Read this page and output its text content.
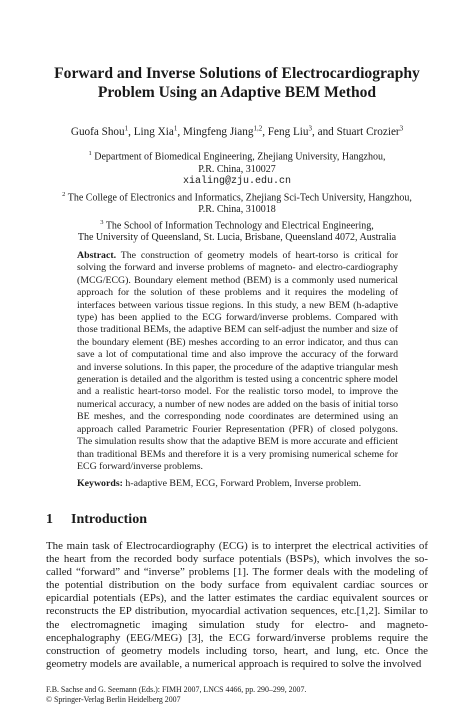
Forward and Inverse Solutions of Electrocardiography
Problem Using an Adaptive BEM Method
Guofa Shou$^1$, Ling Xia$^1$, Mingfeng Jiang$^{1,2}$, Feng Liu$^3$, and Stuart Crozier$^3$
$^1$ Department of Biomedical Engineering, Zhejiang University, Hangzhou,
P.R. China, 310027
xialing@zju.edu.cn
$^2$ The College of Electronics and Informatics, Zhejiang Sci-Tech University, Hangzhou,
P.R. China, 310018
$^3$ The School of Information Technology and Electrical Engineering,
The University of Queensland, St. Lucia, Brisbane, Queensland 4072, Australia
Abstract. The construction of geometry models of heart-torso is critical for solving the forward and inverse problems of magneto- and electro-cardiography (MCG/ECG). Boundary element method (BEM) is a commonly used numerical approach for the solution of these problems and it requires the modeling of interfaces between various tissue regions. In this study, a new BEM (h-adaptive type) has been applied to the ECG forward/inverse problems. Compared with those traditional BEMs, the adaptive BEM can self-adjust the number and size of the boundary element (BE) meshes according to an error indicator, and thus can save a lot of computational time and also improve the accuracy of the forward and inverse solutions. In this paper, the procedure of the adaptive triangular mesh generation is detailed and the algorithm is tested using a concentric sphere model and a realistic heart-torso model. For the realistic torso model, to improve the numerical accuracy, a number of new nodes are added on the basis of initial torso BE meshes, and the corresponding node coordinates are determined using an approach called Parametric Fourier Representation (PFR) of closed polygons. The simulation results show that the adaptive BEM is more accurate and efficient than traditional BEMs and therefore it is a very promising numerical scheme for ECG forward/inverse problems.
Keywords: h-adaptive BEM, ECG, Forward Problem, Inverse problem.
1 Introduction
The main task of Electrocardiography (ECG) is to interpret the electrical activities of the heart from the recorded body surface potentials (BSPs), which involves the so-called “forward” and “inverse” problems [1]. The former deals with the modeling of the potential distribution on the body surface from equivalent cardiac sources or epicardial potentials (EPs), and the latter estimates the cardiac equivalent sources or reconstructs the EP distribution, myocardial activation sequences, etc.[1,2]. Similar to the electromagnetic imaging simulation study for electro- and magneto-encephalography (EEG/MEG) [3], the ECG forward/inverse problems require the construction of geometry models including torso, heart, and lung, etc. Once the geometry models are available, a numerical approach is required to solve the involved
F.B. Sachse and G. Seemann (Eds.): FIMH 2007, LNCS 4466, pp. 290–299, 2007.
© Springer-Verlag Berlin Heidelberg 2007
